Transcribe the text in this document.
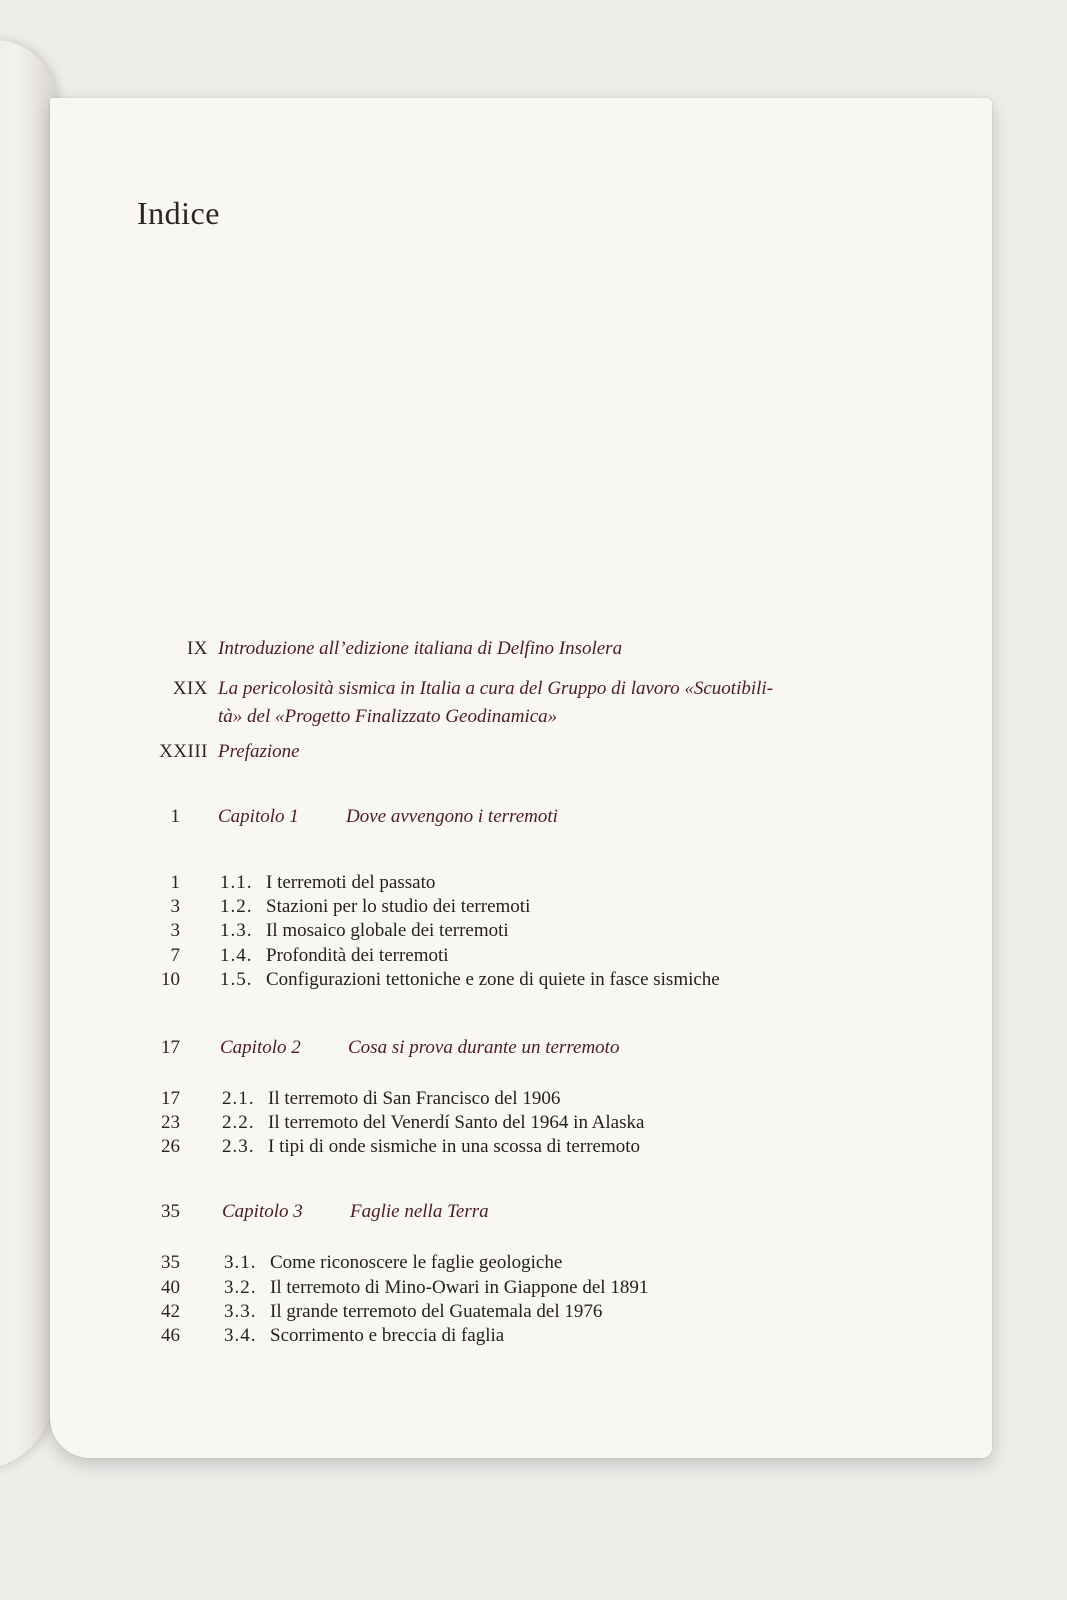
Indice
IX Introduzione all’edizione italiana di Delfino Insolera
XIX La pericolosità sismica in Italia a cura del Gruppo di lavoro «Scuotibili-
tà» del «Progetto Finalizzato Geodinamica»
XXIII Prefazione
1 Capitolo 1 Dove avvengono i terremoti
1 1.1. I terremoti del passato
3 1.2. Stazioni per lo studio dei terremoti
3 1.3. Il mosaico globale dei terremoti
7 1.4. Profondità dei terremoti
10 1.5. Configurazioni tettoniche e zone di quiete in fasce sismiche
17 Capitolo 2 Cosa si prova durante un terremoto
17 2.1. Il terremoto di San Francisco del 1906
23 2.2. Il terremoto del Venerdí Santo del 1964 in Alaska
26 2.3. I tipi di onde sismiche in una scossa di terremoto
35 Capitolo 3 Faglie nella Terra
35 3.1. Come riconoscere le faglie geologiche
40 3.2. Il terremoto di Mino-Owari in Giappone del 1891
42 3.3. Il grande terremoto del Guatemala del 1976
46 3.4. Scorrimento e breccia di faglia
